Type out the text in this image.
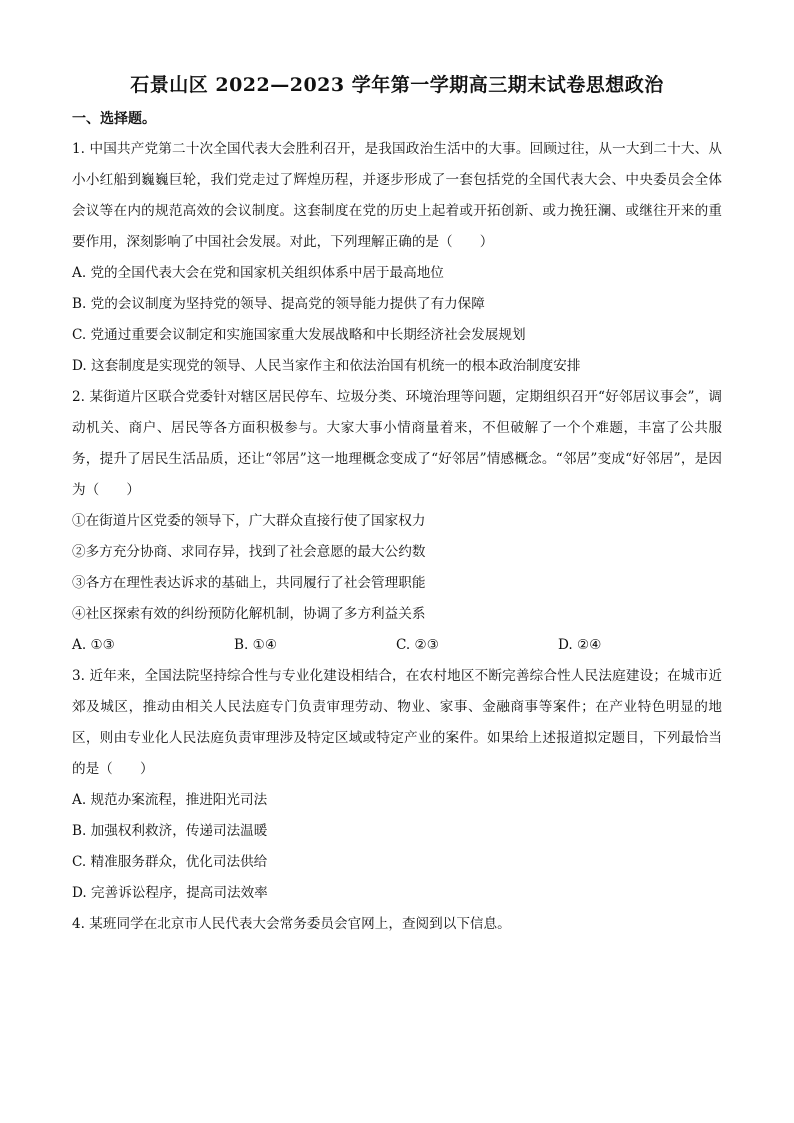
石景山区 2022—2023 学年第一学期高三期末试卷思想政治
一、选择题。

1. 中国共产党第二十次全国代表大会胜利召开，是我国政治生活中的大事。回顾过往，从一大到二十大、从小小红船到巍巍巨轮，我们党走过了辉煌历程，并逐步形成了一套包括党的全国代表大会、中央委员会全体会议等在内的规范高效的会议制度。这套制度在党的历史上起着或开拓创新、或力挽狂澜、或继往开来的重要作用，深刻影响了中国社会发展。对此，下列理解正确的是（　　）

A. 党的全国代表大会在党和国家机关组织体系中居于最高地位

B. 党的会议制度为坚持党的领导、提高党的领导能力提供了有力保障

C. 党通过重要会议制定和实施国家重大发展战略和中长期经济社会发展规划

D. 这套制度是实现党的领导、人民当家作主和依法治国有机统一的根本政治制度安排

2. 某街道片区联合党委针对辖区居民停车、垃圾分类、环境治理等问题，定期组织召开“好邻居议事会”，调动机关、商户、居民等各方面积极参与。大家大事小情商量着来，不但破解了一个个难题，丰富了公共服务，提升了居民生活品质，还让“邻居”这一地理概念变成了“好邻居”情感概念。“邻居”变成“好邻居”，是因为（　　）

①在街道片区党委的领导下，广大群众直接行使了国家权力

②多方充分协商、求同存异，找到了社会意愿的最大公约数

③各方在理性表达诉求的基础上，共同履行了社会管理职能

④社区探索有效的纠纷预防化解机制，协调了多方利益关系

A. ①③	B. ①④	C. ②③	D. ②④

3. 近年来，全国法院坚持综合性与专业化建设相结合，在农村地区不断完善综合性人民法庭建设；在城市近郊及城区，推动由相关人民法庭专门负责审理劳动、物业、家事、金融商事等案件；在产业特色明显的地区，则由专业化人民法庭负责审理涉及特定区域或特定产业的案件。如果给上述报道拟定题目，下列最恰当的是（　　）

A. 规范办案流程，推进阳光司法

B. 加强权利救济，传递司法温暖

C. 精准服务群众，优化司法供给

D. 完善诉讼程序，提高司法效率

4. 某班同学在北京市人民代表大会常务委员会官网上，查阅到以下信息。
